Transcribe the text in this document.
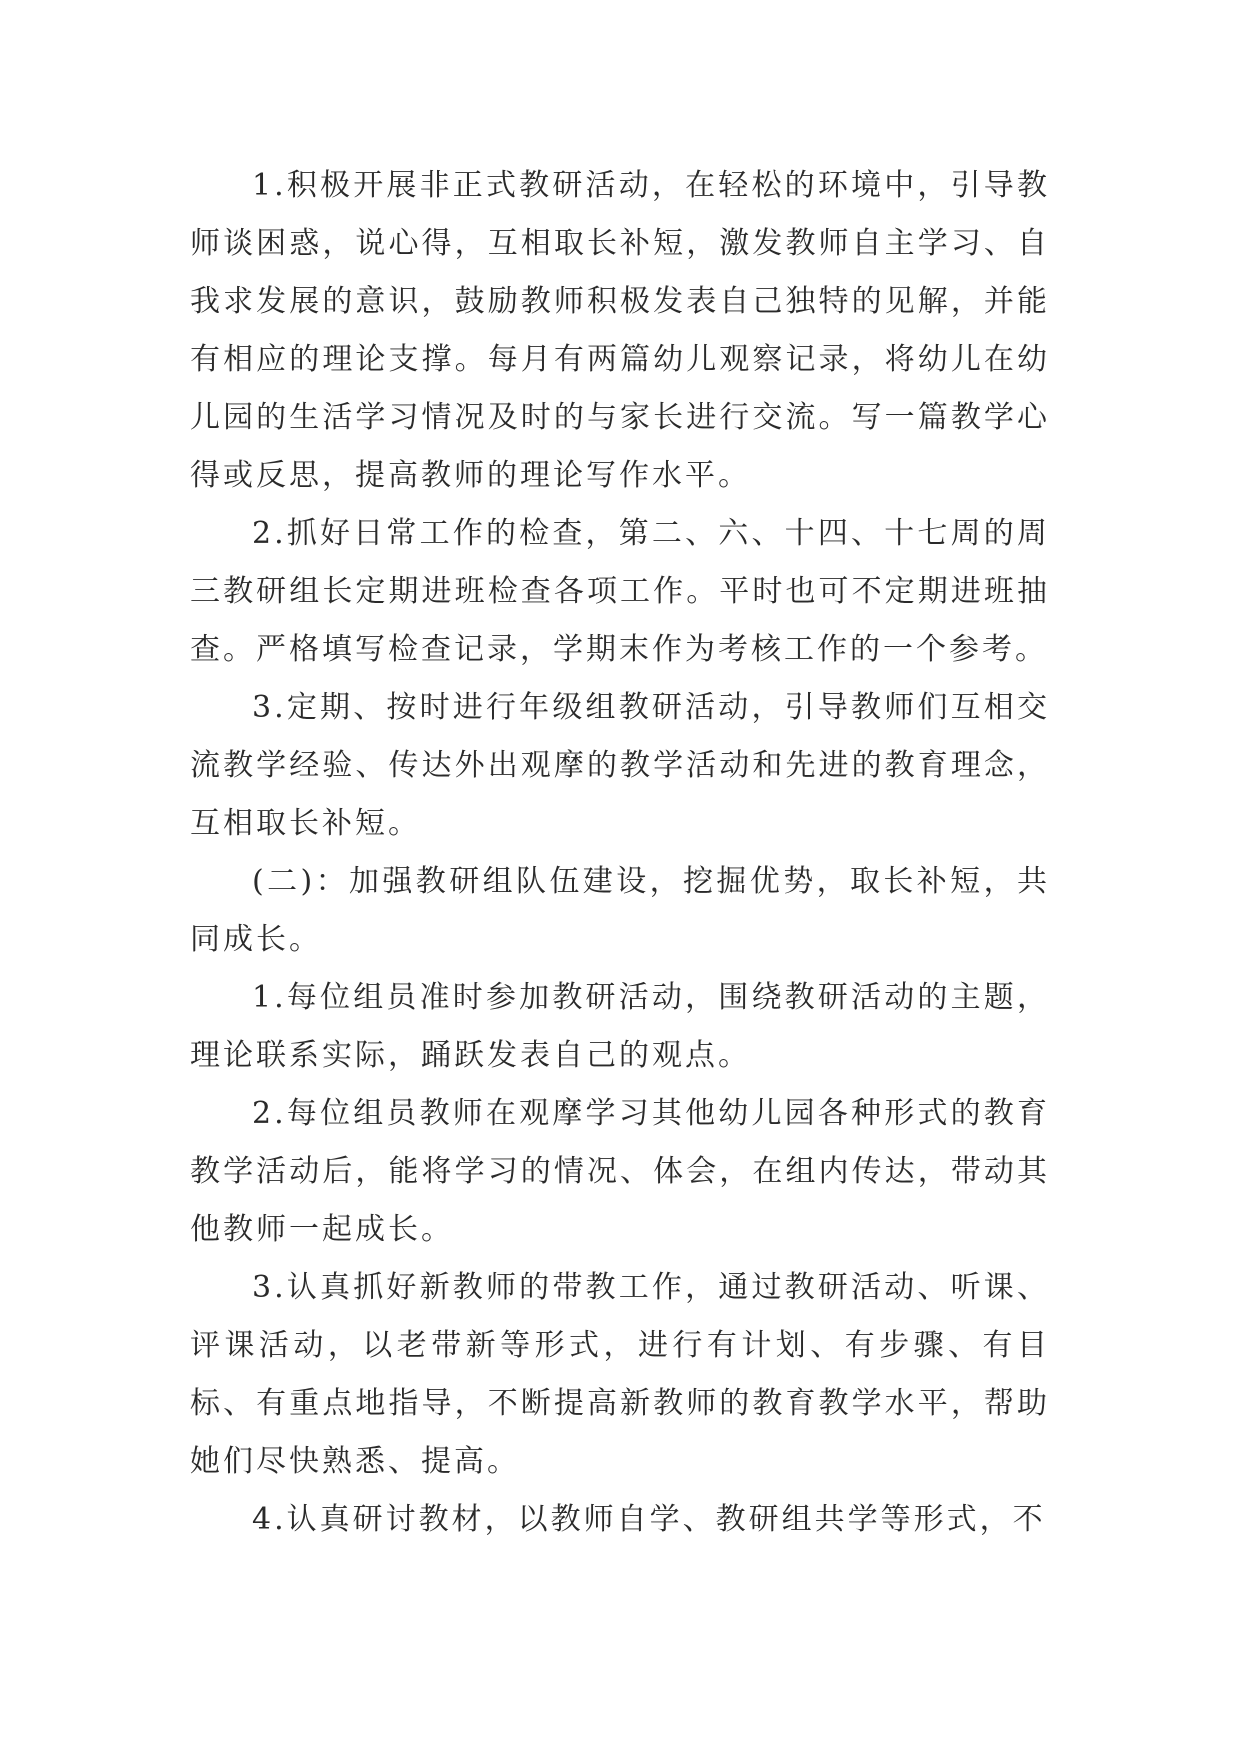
1.积极开展非正式教研活动，在轻松的环境中，引导教师谈困惑，说心得，互相取长补短，激发教师自主学习、自我求发展的意识，鼓励教师积极发表自己独特的见解，并能有相应的理论支撑。每月有两篇幼儿观察记录，将幼儿在幼儿园的生活学习情况及时的与家长进行交流。写一篇教学心得或反思，提高教师的理论写作水平。

2.抓好日常工作的检查，第二、六、十四、十七周的周三教研组长定期进班检查各项工作。平时也可不定期进班抽查。严格填写检查记录，学期末作为考核工作的一个参考。

3.定期、按时进行年级组教研活动，引导教师们互相交流教学经验、传达外出观摩的教学活动和先进的教育理念，互相取长补短。

(二)：加强教研组队伍建设，挖掘优势，取长补短，共同成长。

1.每位组员准时参加教研活动，围绕教研活动的主题，理论联系实际，踊跃发表自己的观点。

2.每位组员教师在观摩学习其他幼儿园各种形式的教育教学活动后，能将学习的情况、体会，在组内传达，带动其他教师一起成长。

3.认真抓好新教师的带教工作，通过教研活动、听课、评课活动，以老带新等形式，进行有计划、有步骤、有目标、有重点地指导，不断提高新教师的教育教学水平，帮助她们尽快熟悉、提高。

4.认真研讨教材，以教师自学、教研组共学等形式，不
